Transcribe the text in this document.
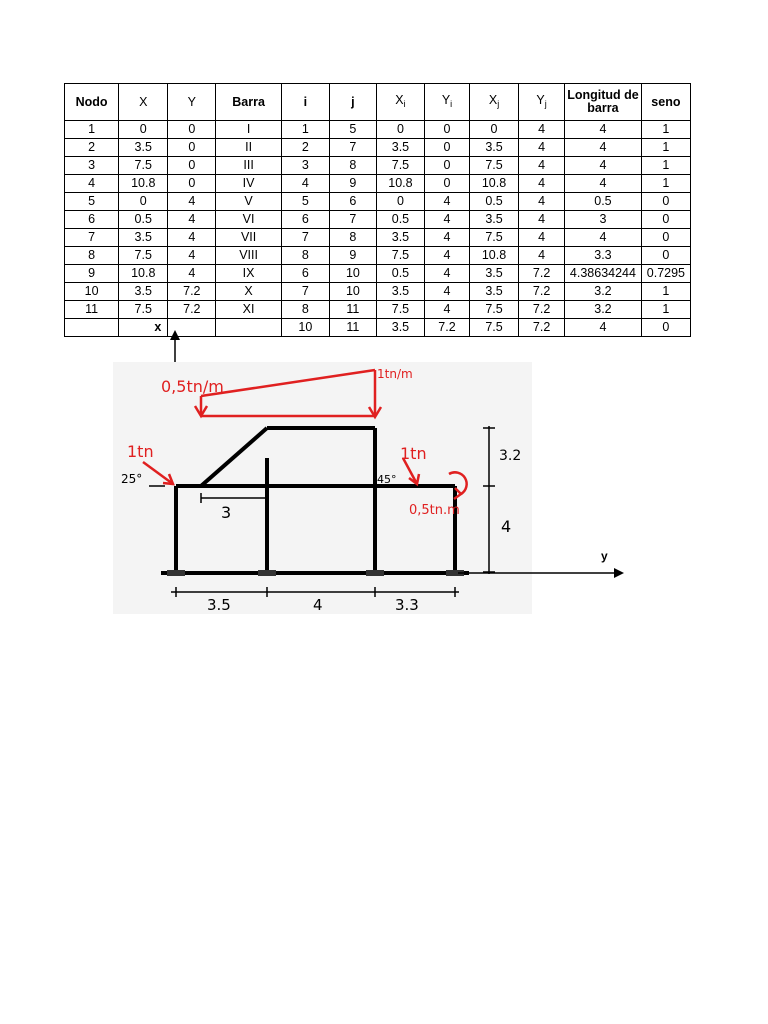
Nodo	X	Y	Barra	i	j	$X_i$	$Y_i$	$X_j$	$Y_j$	Longitud de barra	seno
1	0	0	I	1	5	0	0	0	4	4	1
2	3.5	0	II	2	7	3.5	0	3.5	4	4	1
3	7.5	0	III	3	8	7.5	0	7.5	4	4	1
4	10.8	0	IV	4	9	10.8	0	10.8	4	4	1
5	0	4	V	5	6	0	4	0.5	4	0.5	0
6	0.5	4	VI	6	7	0.5	4	3.5	4	3	0
7	3.5	4	VII	7	8	3.5	4	7.5	4	4	0
8	7.5	4	VIII	8	9	7.5	4	10.8	4	3.3	0
9	10.8	4	IX	6	10	0.5	4	3.5	7.2	4.38634244	0.7295
10	3.5	7.2	X	7	10	3.5	4	3.5	7.2	3.2	1
11	7.5	7.2	XI	8	11	7.5	4	7.5	7.2	3.2	1
	x			10	11	3.5	7.2	7.5	7.2	4	0
0,5tn/m
1tn/m
1tn
25°
3
1tn
45°
0,5tn.m
3.2
4
3.5	4	3.3
y
